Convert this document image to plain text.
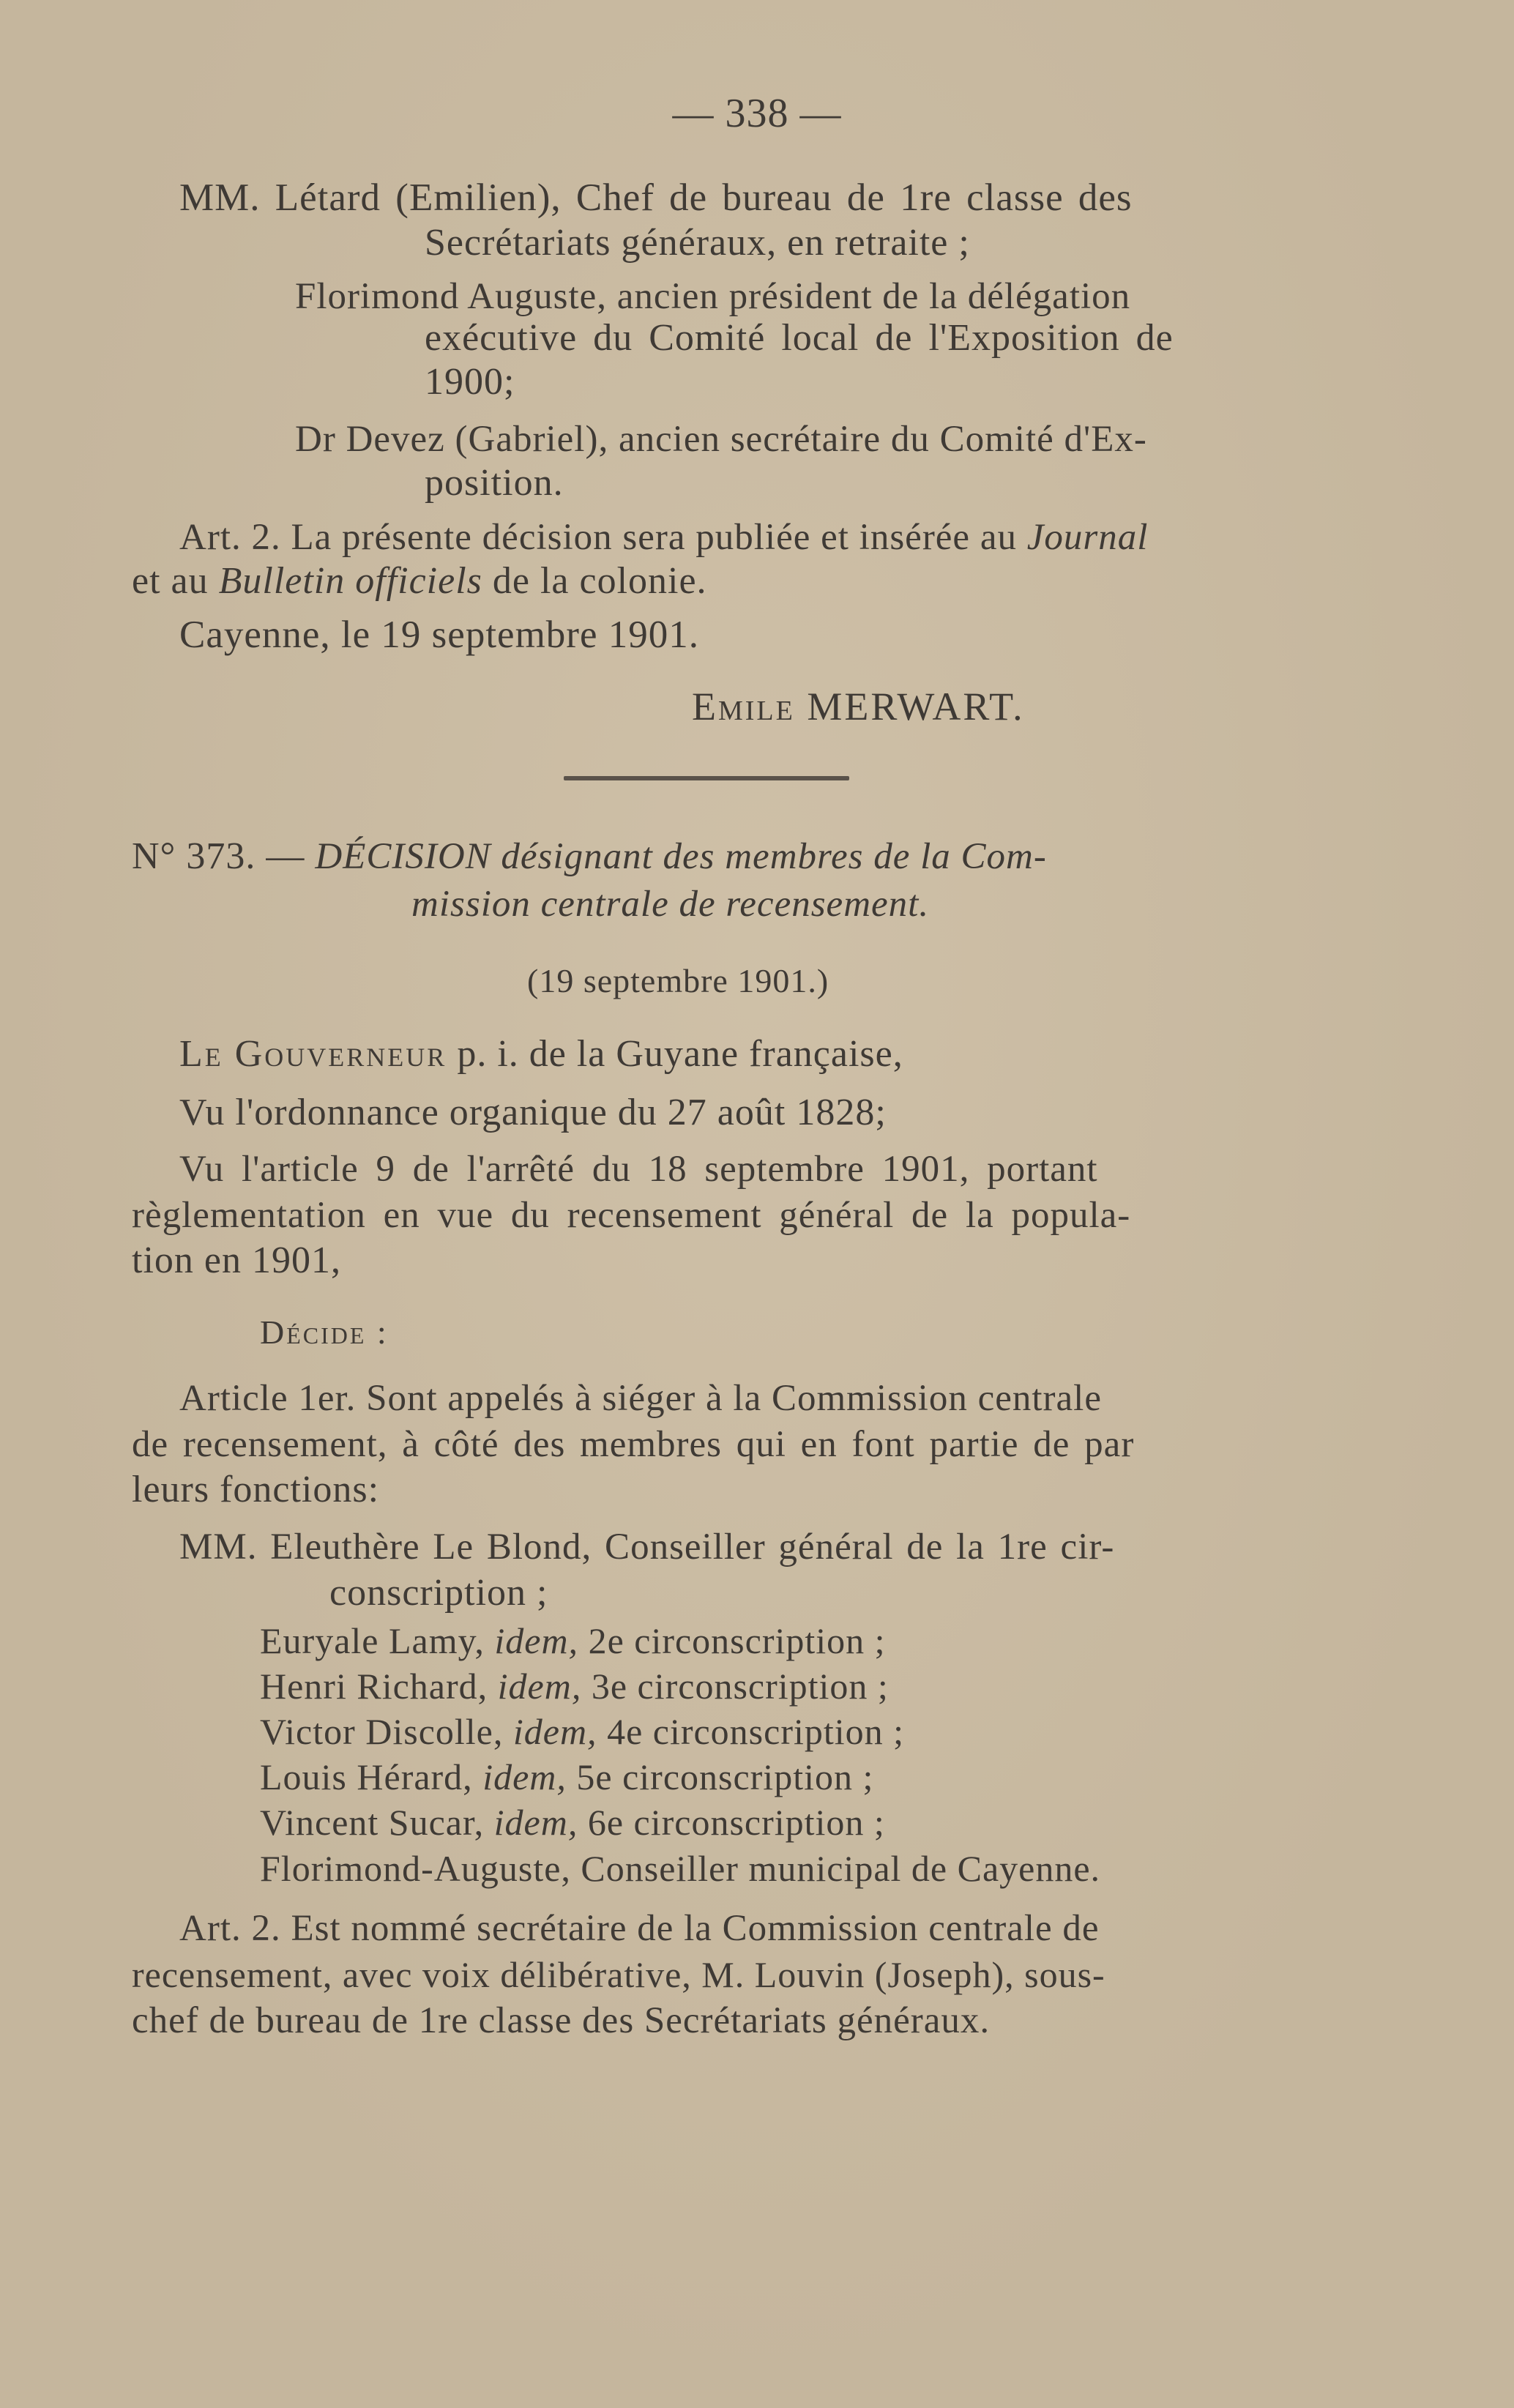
— 338 —
MM. Létard (Emilien), Chef de bureau de 1re classe des
Secrétariats généraux, en retraite ;
Florimond Auguste, ancien président de la délégation
exécutive du Comité local de l'Exposition de
1900;
Dr Devez (Gabriel), ancien secrétaire du Comité d'Ex-
position.
Art. 2. La présente décision sera publiée et insérée au Journal
et au Bulletin officiels de la colonie.
Cayenne, le 19 septembre 1901.
Emile MERWART.
N° 373. — DÉCISION désignant des membres de la Com-
mission centrale de recensement.
(19 septembre 1901.)
Le Gouverneur p. i. de la Guyane française,
Vu l'ordonnance organique du 27 août 1828;
Vu l'article 9 de l'arrêté du 18 septembre 1901, portant
règlementation en vue du recensement général de la popula-
tion en 1901,
Décide :
Article 1er. Sont appelés à siéger à la Commission centrale
de recensement, à côté des membres qui en font partie de par
leurs fonctions:
MM. Eleuthère Le Blond, Conseiller général de la 1re cir-
conscription ;
Euryale Lamy, idem, 2e circonscription ;
Henri Richard, idem, 3e circonscription ;
Victor Discolle, idem, 4e circonscription ;
Louis Hérard, idem, 5e circonscription ;
Vincent Sucar, idem, 6e circonscription ;
Florimond-Auguste, Conseiller municipal de Cayenne.
Art. 2. Est nommé secrétaire de la Commission centrale de
recensement, avec voix délibérative, M. Louvin (Joseph), sous-
chef de bureau de 1re classe des Secrétariats généraux.
